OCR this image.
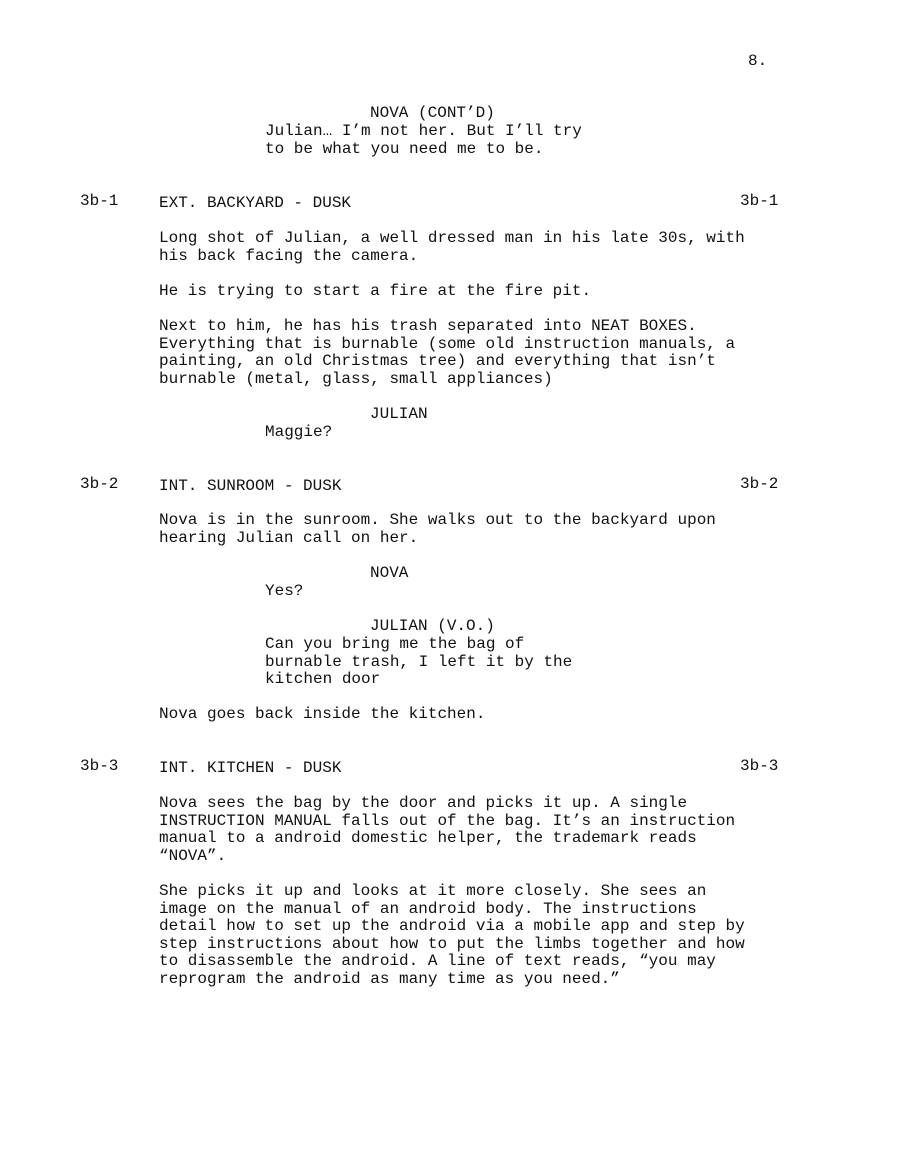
8.
NOVA (CONT’D)
Julian… I’m not her. But I’ll try
to be what you need me to be.
3b-1	EXT. BACKYARD - DUSK	3b-1
Long shot of Julian, a well dressed man in his late 30s, with
his back facing the camera.
He is trying to start a fire at the fire pit.
Next to him, he has his trash separated into NEAT BOXES.
Everything that is burnable (some old instruction manuals, a
painting, an old Christmas tree) and everything that isn’t
burnable (metal, glass, small appliances)
JULIAN
Maggie?
3b-2	INT. SUNROOM - DUSK	3b-2
Nova is in the sunroom. She walks out to the backyard upon
hearing Julian call on her.
NOVA
Yes?
JULIAN (V.O.)
Can you bring me the bag of
burnable trash, I left it by the
kitchen door
Nova goes back inside the kitchen.
3b-3	INT. KITCHEN - DUSK	3b-3
Nova sees the bag by the door and picks it up. A single
INSTRUCTION MANUAL falls out of the bag. It’s an instruction
manual to a android domestic helper, the trademark reads
“NOVA”.
She picks it up and looks at it more closely. She sees an
image on the manual of an android body. The instructions
detail how to set up the android via a mobile app and step by
step instructions about how to put the limbs together and how
to disassemble the android. A line of text reads, “you may
reprogram the android as many time as you need.”
